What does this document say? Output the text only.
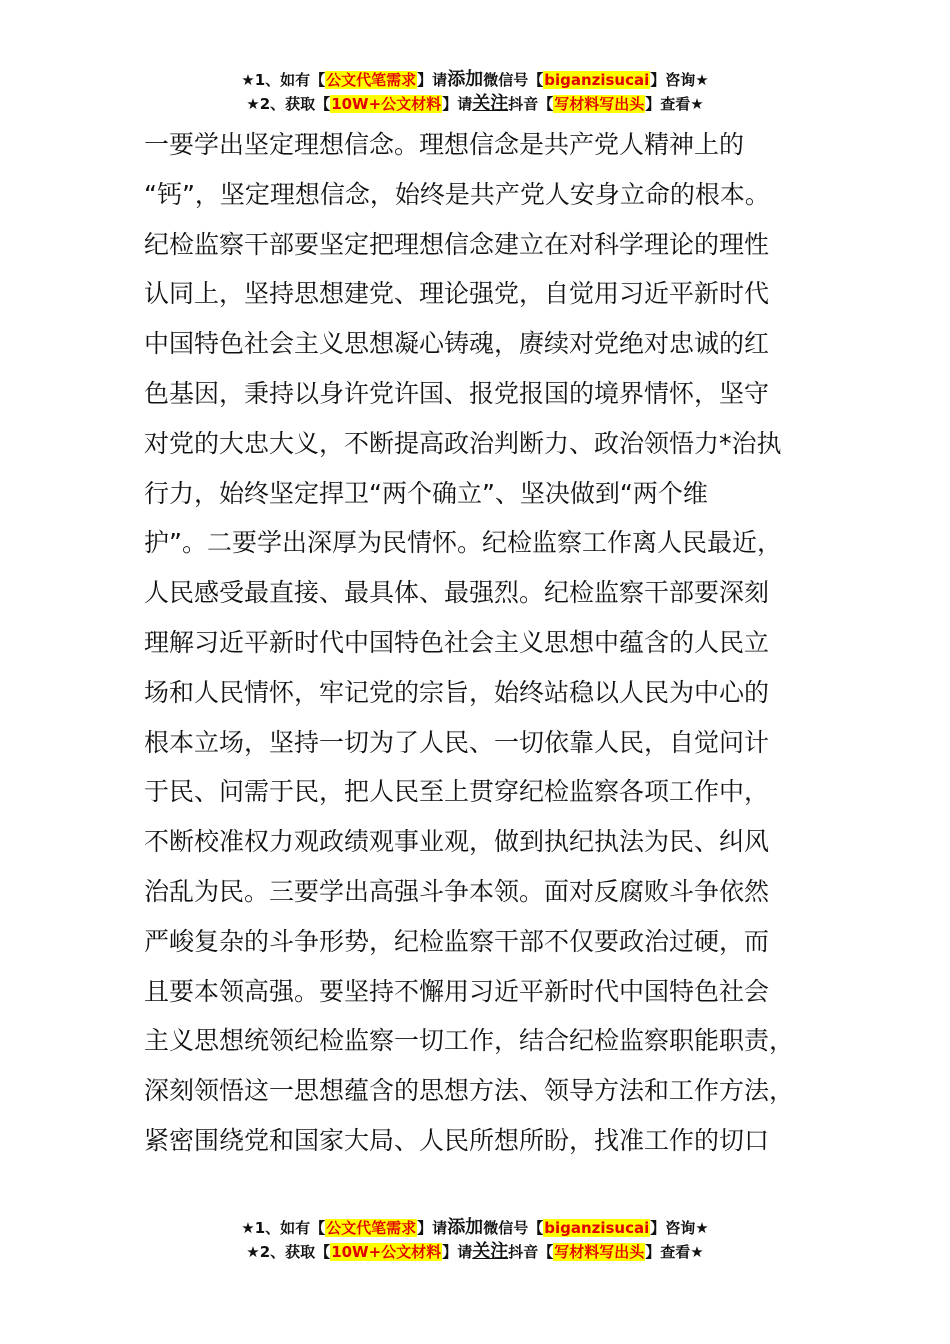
★1、如有【公文代笔需求】请添加微信号【biganzisucai】咨询★
★2、获取【10W+公文材料】请关注抖音【写材料写出头】查看★
一要学出坚定理想信念。理想信念是共产党人精神上的
“钙”，坚定理想信念，始终是共产党人安身立命的根本。
纪检监察干部要坚定把理想信念建立在对科学理论的理性
认同上，坚持思想建党、理论强党，自觉用习近平新时代
中国特色社会主义思想凝心铸魂，赓续对党绝对忠诚的红
色基因，秉持以身许党许国、报党报国的境界情怀，坚守
对党的大忠大义，不断提高政治判断力、政治领悟力*治执
行力，始终坚定捍卫“两个确立”、坚决做到“两个维
护”。二要学出深厚为民情怀。纪检监察工作离人民最近，
人民感受最直接、最具体、最强烈。纪检监察干部要深刻
理解习近平新时代中国特色社会主义思想中蕴含的人民立
场和人民情怀，牢记党的宗旨，始终站稳以人民为中心的
根本立场，坚持一切为了人民、一切依靠人民，自觉问计
于民、问需于民，把人民至上贯穿纪检监察各项工作中，
不断校准权力观政绩观事业观，做到执纪执法为民、纠风
治乱为民。三要学出高强斗争本领。面对反腐败斗争依然
严峻复杂的斗争形势，纪检监察干部不仅要政治过硬，而
且要本领高强。要坚持不懈用习近平新时代中国特色社会
主义思想统领纪检监察一切工作，结合纪检监察职能职责，
深刻领悟这一思想蕴含的思想方法、领导方法和工作方法，
紧密围绕党和国家大局、人民所想所盼，找准工作的切口
★1、如有【公文代笔需求】请添加微信号【biganzisucai】咨询★
★2、获取【10W+公文材料】请关注抖音【写材料写出头】查看★
